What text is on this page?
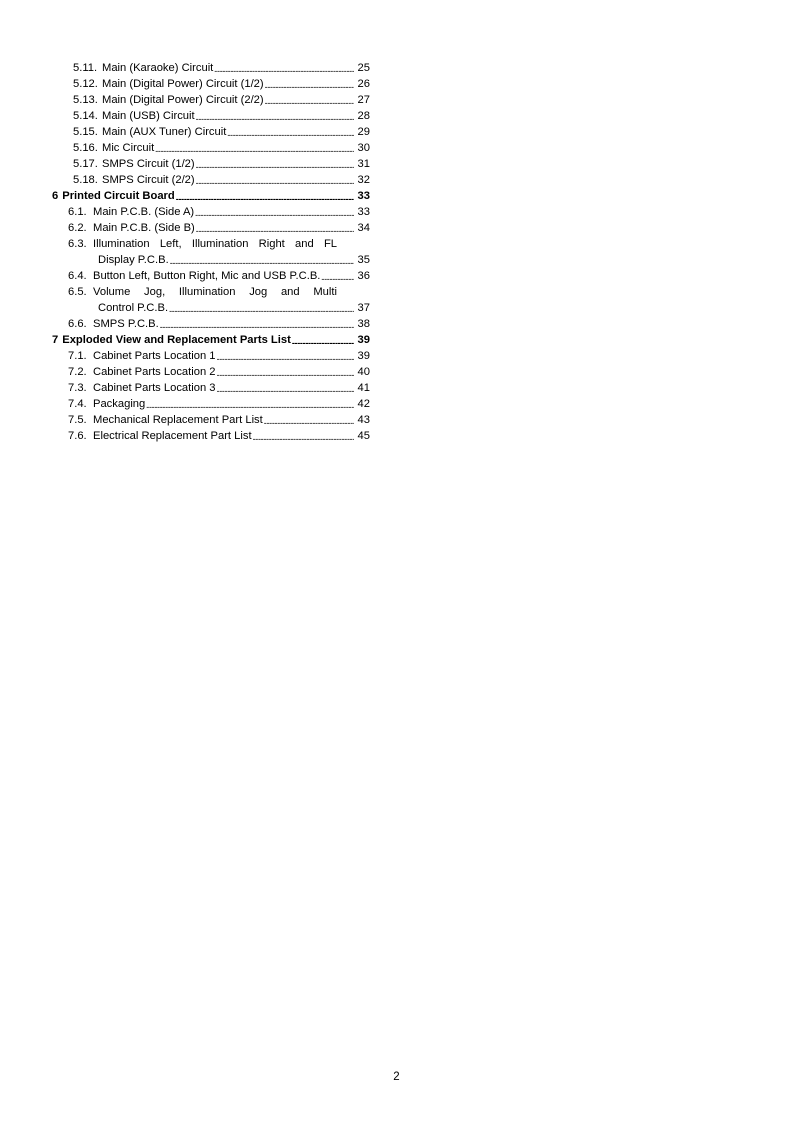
5.11. Main (Karaoke) Circuit -----	25
5.12. Main (Digital Power) Circuit (1/2) -----	26
5.13. Main (Digital Power) Circuit (2/2) -----	27
5.14. Main (USB) Circuit -----	28
5.15. Main (AUX Tuner) Circuit -----	29
5.16. Mic Circuit -----	30
5.17. SMPS Circuit (1/2) -----	31
5.18. SMPS Circuit (2/2) -----	32
6 Printed Circuit Board -----	33
6.1. Main P.C.B. (Side A) -----	33
6.2. Main P.C.B. (Side B) -----	34
6.3. Illumination Left, Illumination Right and FL
Display P.C.B. -----	35
6.4. Button Left, Button Right, Mic and USB P.C.B. -----	36
6.5. Volume Jog, Illumination Jog and Multi
Control P.C.B. -----	37
6.6. SMPS P.C.B. -----	38
7 Exploded View and Replacement Parts List -----	39
7.1. Cabinet Parts Location 1 -----	39
7.2. Cabinet Parts Location 2 -----	40
7.3. Cabinet Parts Location 3 -----	41
7.4. Packaging -----	42
7.5. Mechanical Replacement Part List -----	43
7.6. Electrical Replacement Part List -----	45
2
